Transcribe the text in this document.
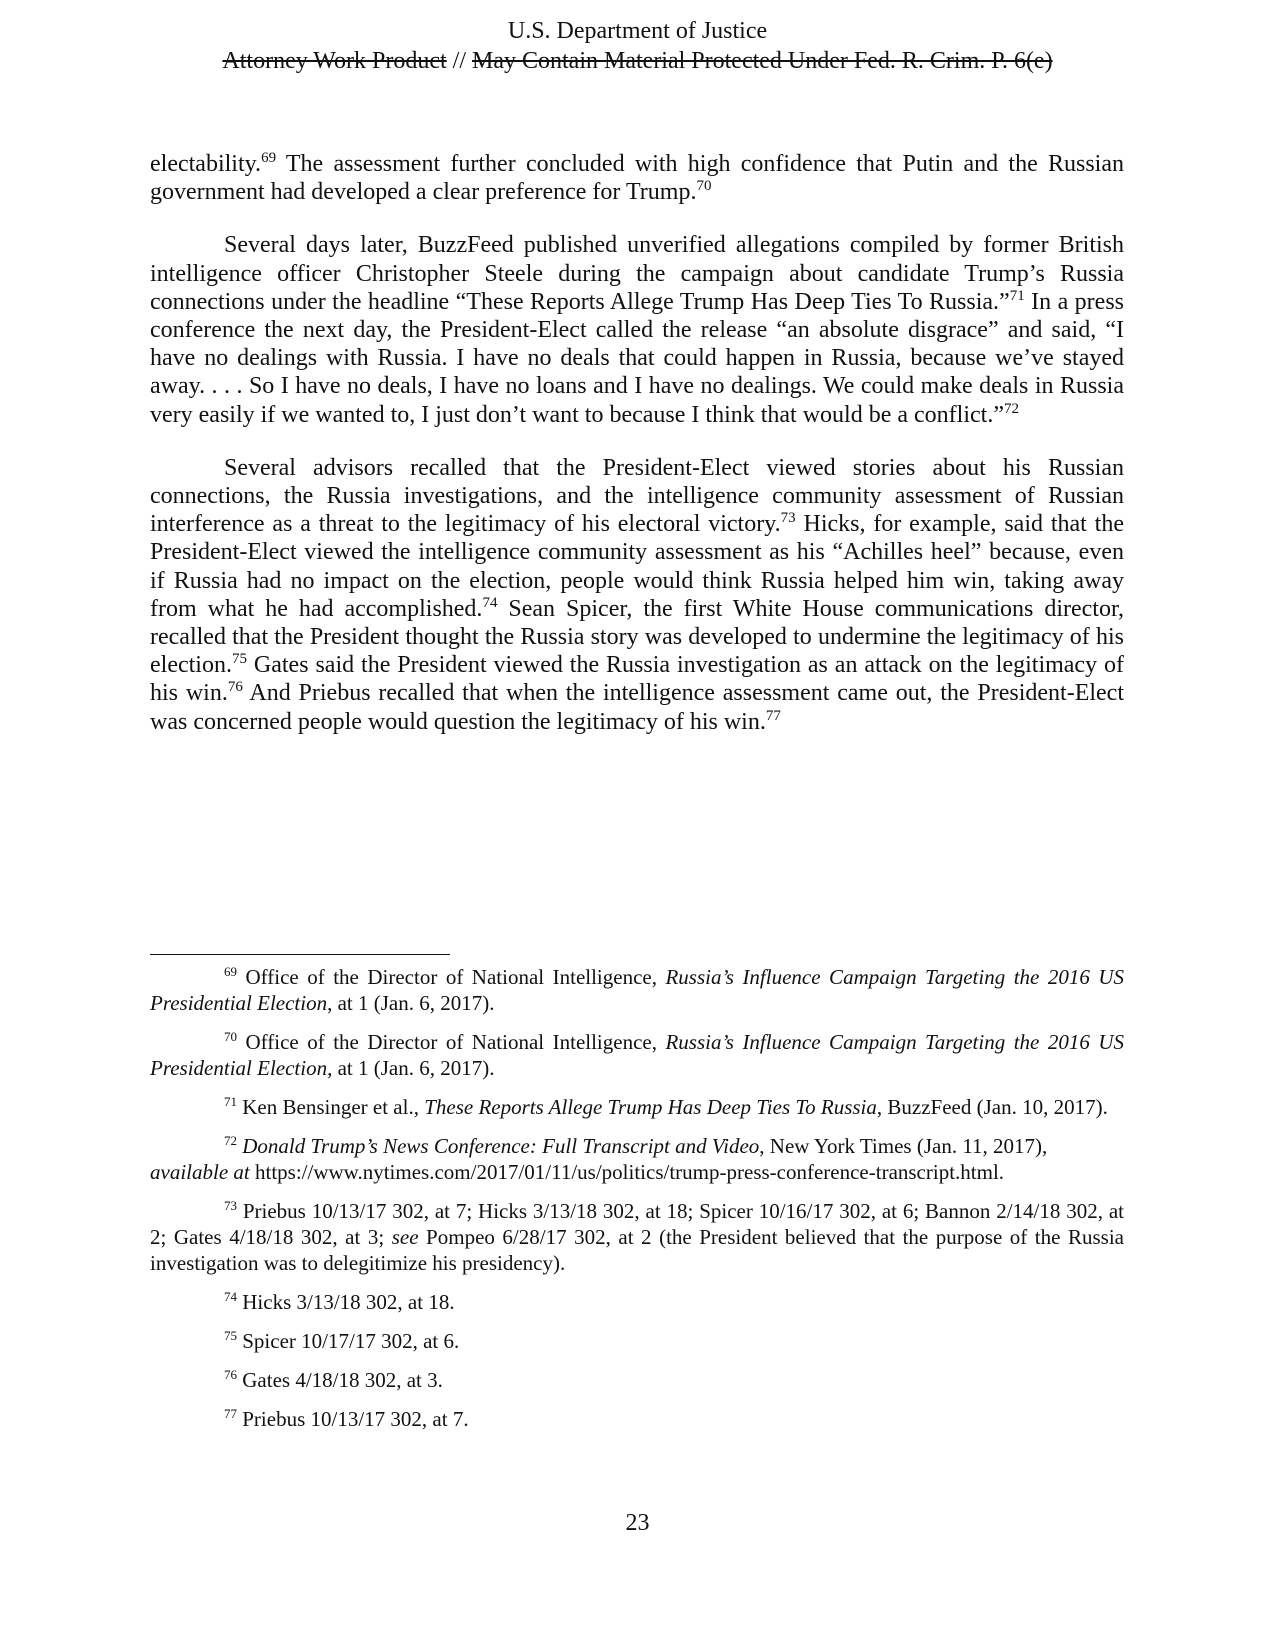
U.S. Department of Justice
Attorney Work Product // May Contain Material Protected Under Fed. R. Crim. P. 6(e)

electability.$^{69}$ The assessment further concluded with high confidence that Putin and the Russian government had developed a clear preference for Trump.$^{70}$

Several days later, BuzzFeed published unverified allegations compiled by former British intelligence officer Christopher Steele during the campaign about candidate Trump’s Russia connections under the headline “These Reports Allege Trump Has Deep Ties To Russia.”$^{71}$ In a press conference the next day, the President-Elect called the release “an absolute disgrace” and said, “I have no dealings with Russia. I have no deals that could happen in Russia, because we’ve stayed away. . . . So I have no deals, I have no loans and I have no dealings. We could make deals in Russia very easily if we wanted to, I just don’t want to because I think that would be a conflict.”$^{72}$

Several advisors recalled that the President-Elect viewed stories about his Russian connections, the Russia investigations, and the intelligence community assessment of Russian interference as a threat to the legitimacy of his electoral victory.$^{73}$ Hicks, for example, said that the President-Elect viewed the intelligence community assessment as his “Achilles heel” because, even if Russia had no impact on the election, people would think Russia helped him win, taking away from what he had accomplished.$^{74}$ Sean Spicer, the first White House communications director, recalled that the President thought the Russia story was developed to undermine the legitimacy of his election.$^{75}$ Gates said the President viewed the Russia investigation as an attack on the legitimacy of his win.$^{76}$ And Priebus recalled that when the intelligence assessment came out, the President-Elect was concerned people would question the legitimacy of his win.$^{77}$

$^{69}$ Office of the Director of National Intelligence, Russia’s Influence Campaign Targeting the 2016 US Presidential Election, at 1 (Jan. 6, 2017).
$^{70}$ Office of the Director of National Intelligence, Russia’s Influence Campaign Targeting the 2016 US Presidential Election, at 1 (Jan. 6, 2017).
$^{71}$ Ken Bensinger et al., These Reports Allege Trump Has Deep Ties To Russia, BuzzFeed (Jan. 10, 2017).
$^{72}$ Donald Trump’s News Conference: Full Transcript and Video, New York Times (Jan. 11, 2017), available at https://www.nytimes.com/2017/01/11/us/politics/trump-press-conference-transcript.html.
$^{73}$ Priebus 10/13/17 302, at 7; Hicks 3/13/18 302, at 18; Spicer 10/16/17 302, at 6; Bannon 2/14/18 302, at 2; Gates 4/18/18 302, at 3; see Pompeo 6/28/17 302, at 2 (the President believed that the purpose of the Russia investigation was to delegitimize his presidency).
$^{74}$ Hicks 3/13/18 302, at 18.
$^{75}$ Spicer 10/17/17 302, at 6.
$^{76}$ Gates 4/18/18 302, at 3.
$^{77}$ Priebus 10/13/17 302, at 7.
23
